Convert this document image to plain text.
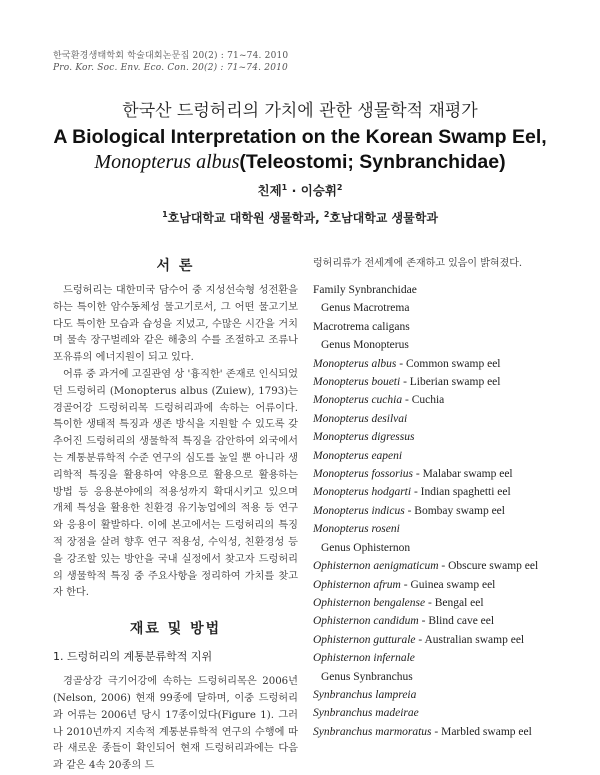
한국환경생태학회 학술대회논문집 20(2) : 71~74. 2010
Pro. Kor. Soc. Env. Eco. Con. 20(2) : 71~74. 2010
한국산 드렁허리의 가치에 관한 생물학적 재평가
A Biological Interpretation on the Korean Swamp Eel,
Monopterus albus(Teleostomi; Synbranchidae)
친제$^1$ · 이승휘$^2$
$^1$호남대학교 대학원 생물학과, $^2$호남대학교 생물학과
서 론

드렁허리는 대한미국 담수어 중 지성선숙형 성전환을 하는 특이한 암수동체성 물고기로서, 그 어떤 물고기보다도 특이한 모습과 습성을 지녔고, 수많은 시간을 거치며 물속 장구벌레와 같은 해충의 수를 조절하고 조류나 포유류의 에너지원이 되고 있다.

어류 중 과거에 고질관염 상 '흉직한' 존재로 인식되었던 드렁허리 (Monopterus albus (Zuiew), 1793)는 경골어강 드렁허리목 드렁허리과에 속하는 어류이다. 특이한 생태적 특징과 생존 방식을 지원할 수 있도록 갖추어진 드렁허리의 생물학적 특징을 감안하여 외국에서는 계통분류학적 수준 연구의 심도를 높일 뿐 아니라 생리학적 특징을 활용하여 약용으로 활용으로 활용하는 방법 등 응용분야에의 적용성까지 확대시키고 있으며 개체 특성을 활용한 친환경 유기농업에의 적용 등 연구와 응용이 활발하다. 이에 본고에서는 드렁허리의 특징적 장점을 살려 향후 연구 적용성, 수익성, 친환경성 등을 강조할 있는 방안을 국내 실정에서 찾고자 드렁허리의 생물학적 특징 중 주요사항을 정리하여 가치를 찾고자 한다.

재료 및 방법
1. 드렁허리의 계통분류학적 지위

경골상강 극기어강에 속하는 드렁허리목은 2006년 (Nelson, 2006) 현재 99종에 달하며, 이중 드렁허리과 어류는 2006년 당시 17종이었다(Figure 1). 그러나 2010년까지 지속적 계통분류학적 연구의 수행에 따라 새로운 종들이 확인되어 현재 드렁허리과에는 다음과 같은 4속 20종의 드

렁허리류가 전세계에 존재하고 있음이 밝혀졌다.
Family Synbranchidae
Genus Macrotrema
Macrotrema caligans
Genus Monopterus
Monopterus albus - Common swamp eel
Monopterus boueti - Liberian swamp eel
Monopterus cuchia - Cuchia
Monopterus desilvai
Monopterus digressus
Monopterus eapeni
Monopterus fossorius - Malabar swamp eel
Monopterus hodgarti - Indian spaghetti eel
Monopterus indicus - Bombay swamp eel
Monopterus roseni
Genus Ophisternon
Ophisternon aenigmaticum - Obscure swamp eel
Ophisternon afrum - Guinea swamp eel
Ophisternon bengalense - Bengal eel
Ophisternon candidum - Blind cave eel
Ophisternon gutturale - Australian swamp eel
Ophisternon infernale
Genus Synbranchus
Synbranchus lampreia
Synbranchus madeirae
Synbranchus marmoratus - Marbled swamp eel
